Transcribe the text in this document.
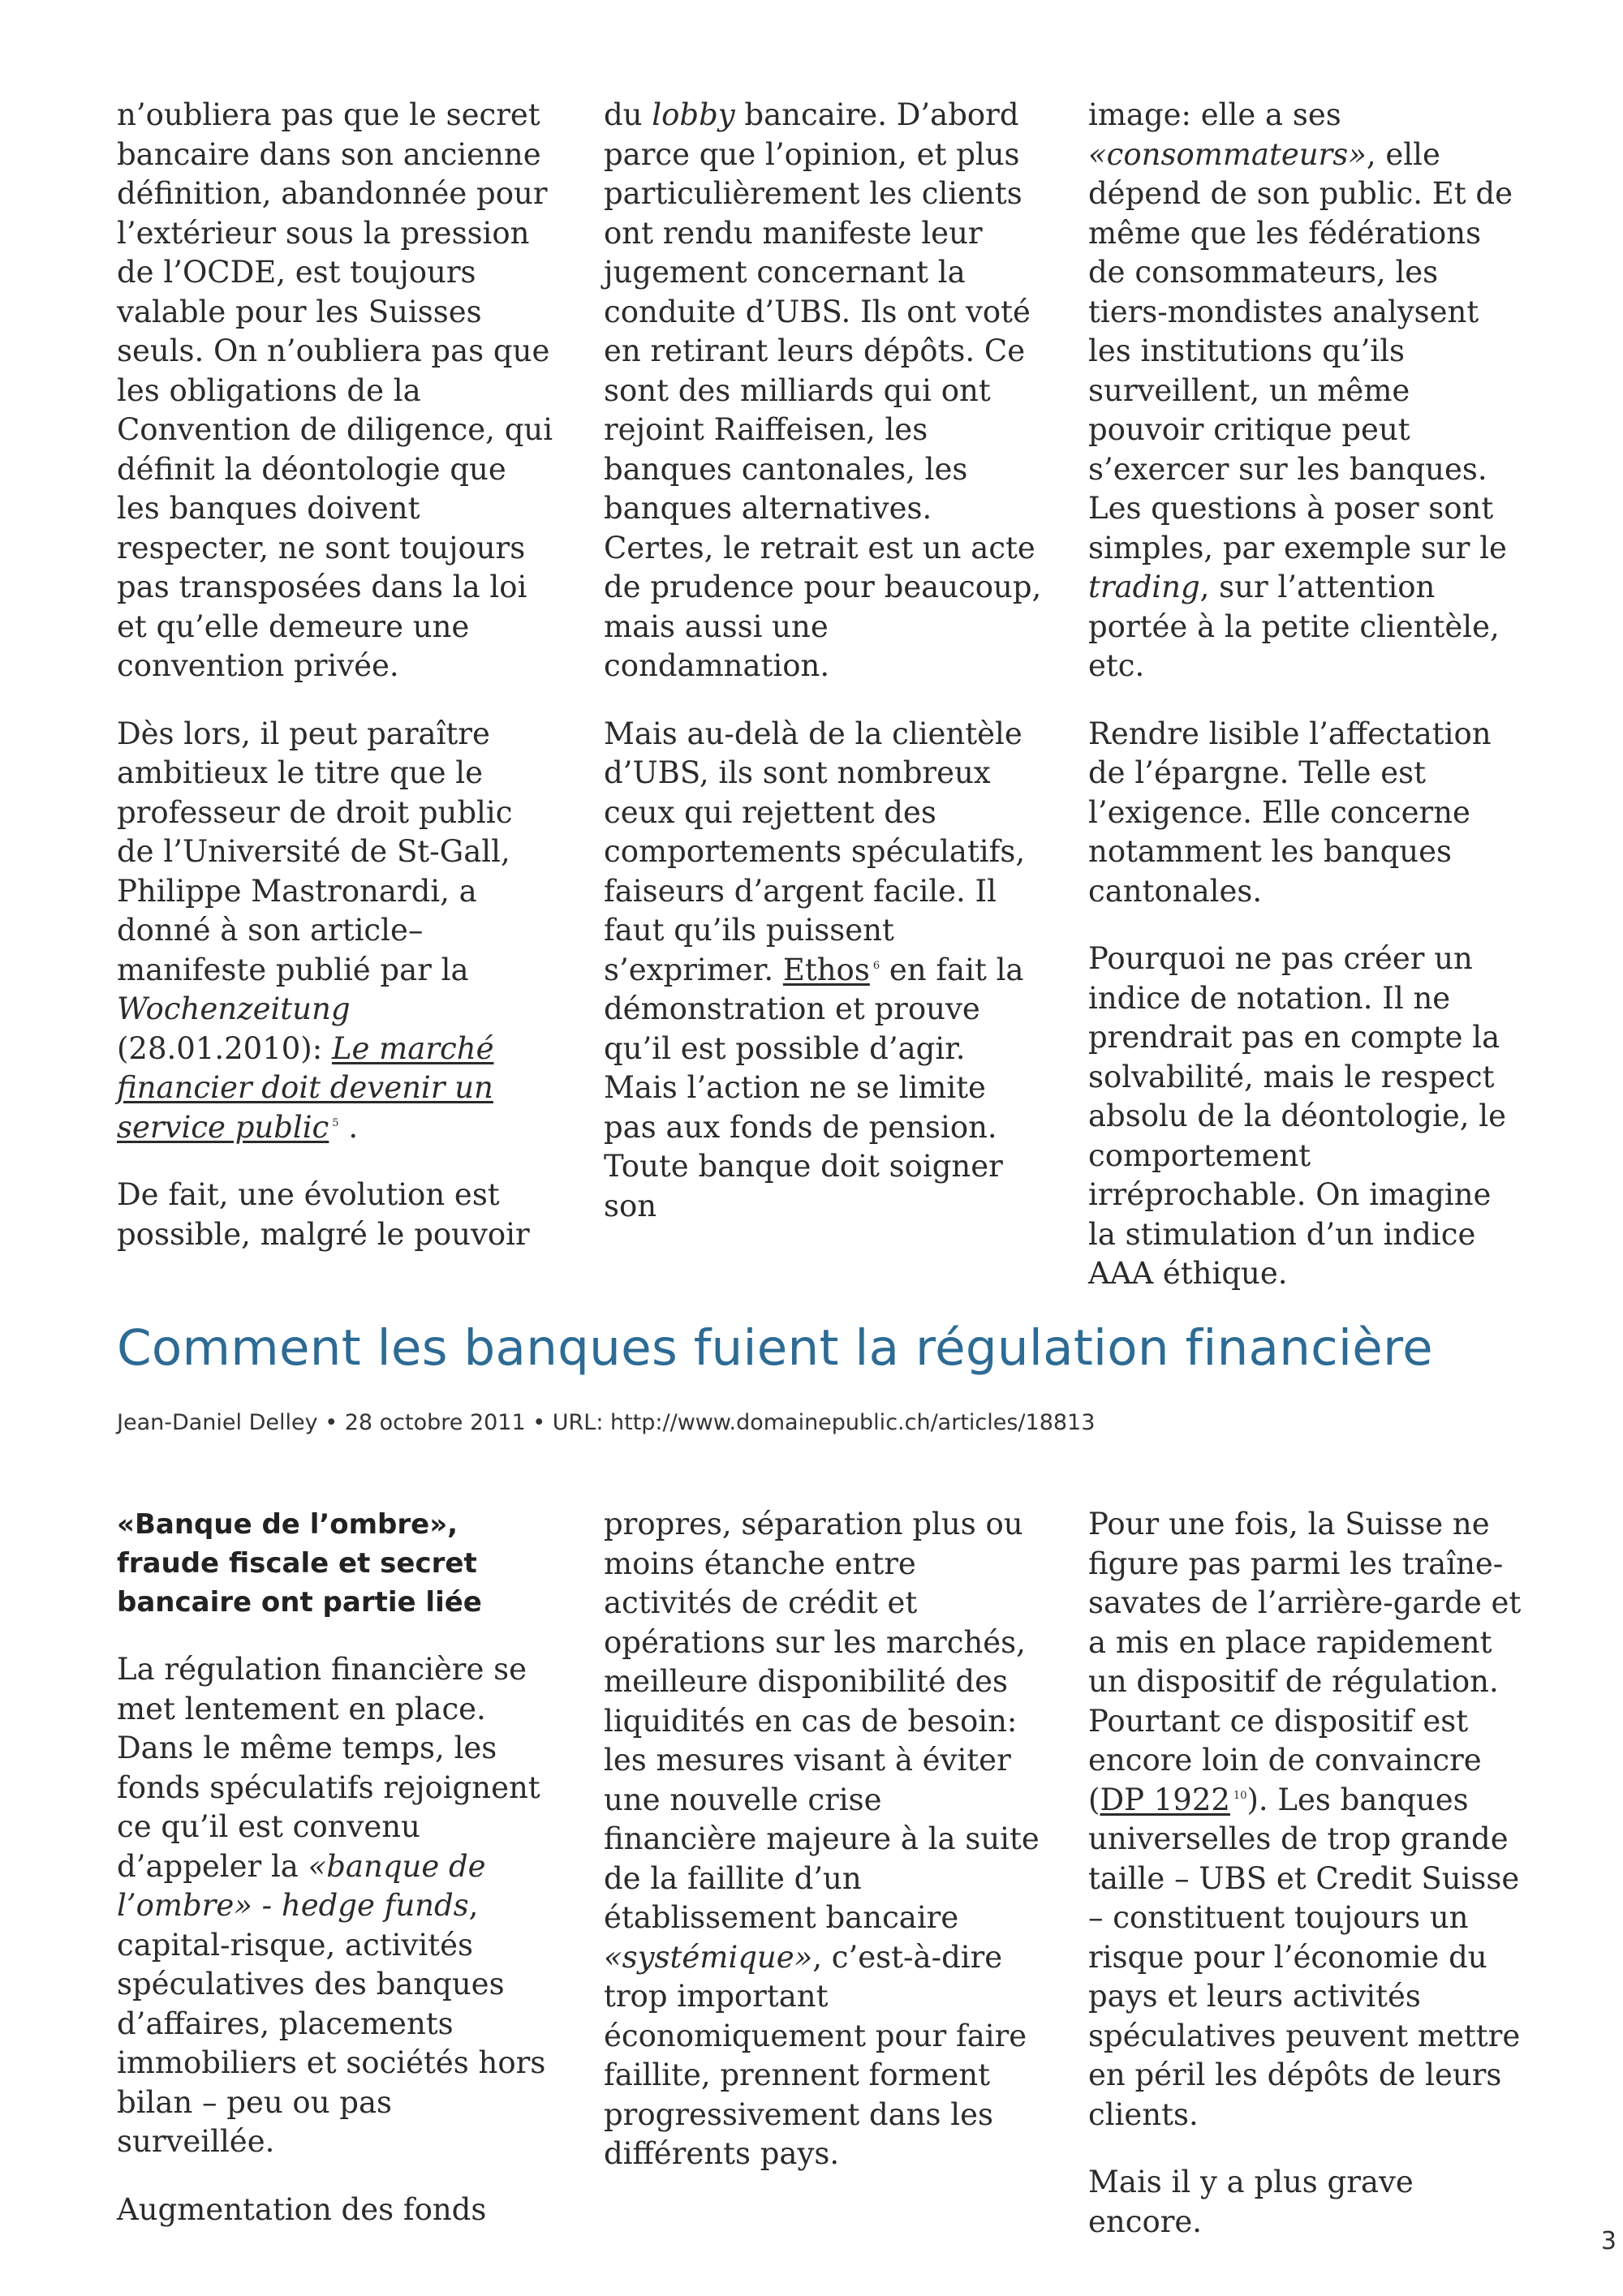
n’oubliera pas que le secret bancaire dans son ancienne définition, abandonnée pour l’extérieur sous la pression de l’OCDE, est toujours valable pour les Suisses seuls. On n’oubliera pas que les obligations de la Convention de diligence, qui définit la déontologie que les banques doivent respecter, ne sont toujours pas transposées dans la loi et qu’elle demeure une convention privée.

Dès lors, il peut paraître ambitieux le titre que le professeur de droit public de l’Université de St-Gall, Philippe Mastronardi, a donné à son article–manifeste publié par la Wochenzeitung (28.01.2010): Le marché financier doit devenir un service public $^5$ .

De fait, une évolution est possible, malgré le pouvoir

du lobby bancaire. D’abord parce que l’opinion, et plus particulièrement les clients ont rendu manifeste leur jugement concernant la conduite d’UBS. Ils ont voté en retirant leurs dépôts. Ce sont des milliards qui ont rejoint Raiffeisen, les banques cantonales, les banques alternatives. Certes, le retrait est un acte de prudence pour beaucoup, mais aussi une condamnation.

Mais au-delà de la clientèle d’UBS, ils sont nombreux ceux qui rejettent des comportements spéculatifs, faiseurs d’argent facile. Il faut qu’ils puissent s’exprimer. Ethos $^6$ en fait la démonstration et prouve qu’il est possible d’agir. Mais l’action ne se limite pas aux fonds de pension. Toute banque doit soigner son

image: elle a ses «consommateurs», elle dépend de son public. Et de même que les fédérations de consommateurs, les tiers-mondistes analysent les institutions qu’ils surveillent, un même pouvoir critique peut s’exercer sur les banques. Les questions à poser sont simples, par exemple sur le trading, sur l’attention portée à la petite clientèle, etc.

Rendre lisible l’affectation de l’épargne. Telle est l’exigence. Elle concerne notamment les banques cantonales.

Pourquoi ne pas créer un indice de notation. Il ne prendrait pas en compte la solvabilité, mais le respect absolu de la déontologie, le comportement irréprochable. On imagine la stimulation d’un indice AAA éthique.

Comment les banques fuient la régulation financière

Jean-Daniel Delley • 28 octobre 2011 • URL: http://www.domainepublic.ch/articles/18813

«Banque de l’ombre», fraude fiscale et secret bancaire ont partie liée

La régulation financière se met lentement en place. Dans le même temps, les fonds spéculatifs rejoignent ce qu’il est convenu d’appeler la «banque de l’ombre» - hedge funds, capital-risque, activités spéculatives des banques d’affaires, placements immobiliers et sociétés hors bilan – peu ou pas surveillée.

Augmentation des fonds

propres, séparation plus ou moins étanche entre activités de crédit et opérations sur les marchés, meilleure disponibilité des liquidités en cas de besoin: les mesures visant à éviter une nouvelle crise financière majeure à la suite de la faillite d’un établissement bancaire «systémique», c’est-à-dire trop important économiquement pour faire faillite, prennent forment progressivement dans les différents pays.

Pour une fois, la Suisse ne figure pas parmi les traîne-savates de l’arrière-garde et a mis en place rapidement un dispositif de régulation. Pourtant ce dispositif est encore loin de convaincre (DP 1922 $^{10}$). Les banques universelles de trop grande taille – UBS et Credit Suisse – constituent toujours un risque pour l’économie du pays et leurs activités spéculatives peuvent mettre en péril les dépôts de leurs clients.

Mais il y a plus grave encore.

3
